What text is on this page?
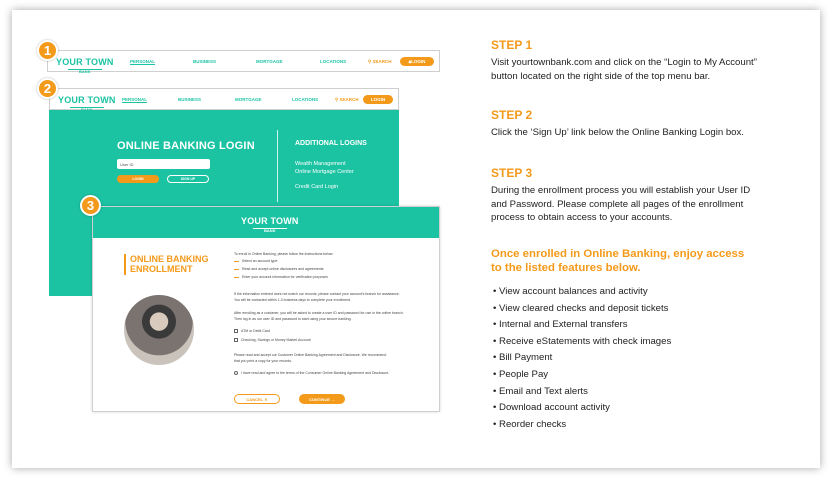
YOUR TOWN
BANK
PERSONAL	BUSINESS	MORTGAGE	LOCATIONS	⚲ SEARCH	🔒︎ LOGIN
1
YOUR TOWN
BANK
PERSONAL	BUSINESS	MORTGAGE	LOCATIONS	⚲ SEARCH	LOGIN
ONLINE BANKING LOGIN
User ID
LOGIN	SIGN UP
ADDITIONAL LOGINS
Wealth Management
Online Mortgage Center
Credit Card Login
2
YOUR TOWN
BANK
ONLINE BANKING
ENROLLMENT
To enroll in Online Banking, please follow the instructions below:
Select an account type
Read and accept online disclosures and agreements
Enter your account information for verification purposes
If the information entered does not match our records, please contact your account's branch for assistance.
You will be contacted within 1-3 business days to complete your enrollment.
After enrolling as a customer, you will be asked to create a user ID and password for use in the online branch.
Then log in as our user ID and password to start using your secure banking.
ATM or Debit Card
Checking, Savings or Money Market Account
Please read and accept our Customer Online Banking Agreement and Disclosure. We recommend
that you print a copy for your records.
I have read and agree to the terms of the Consumer Online Banking Agreement and Disclosure.
CANCEL ✕	CONTINUE →
3
STEP 1
Visit yourtownbank.com and click on the “Login to My Account”
button located on the right side of the top menu bar.
STEP 2
Click the ‘Sign Up’ link below the Online Banking Login box.
STEP 3
During the enrollment process you will establish your User ID
and Password. Please complete all pages of the enrollment
process to obtain access to your accounts.
Once enrolled in Online Banking, enjoy access
to the listed features below.
• View account balances and activity
• View cleared checks and deposit tickets
• Internal and External transfers
• Receive eStatements with check images
• Bill Payment
• People Pay
• Email and Text alerts
• Download account activity
• Reorder checks
